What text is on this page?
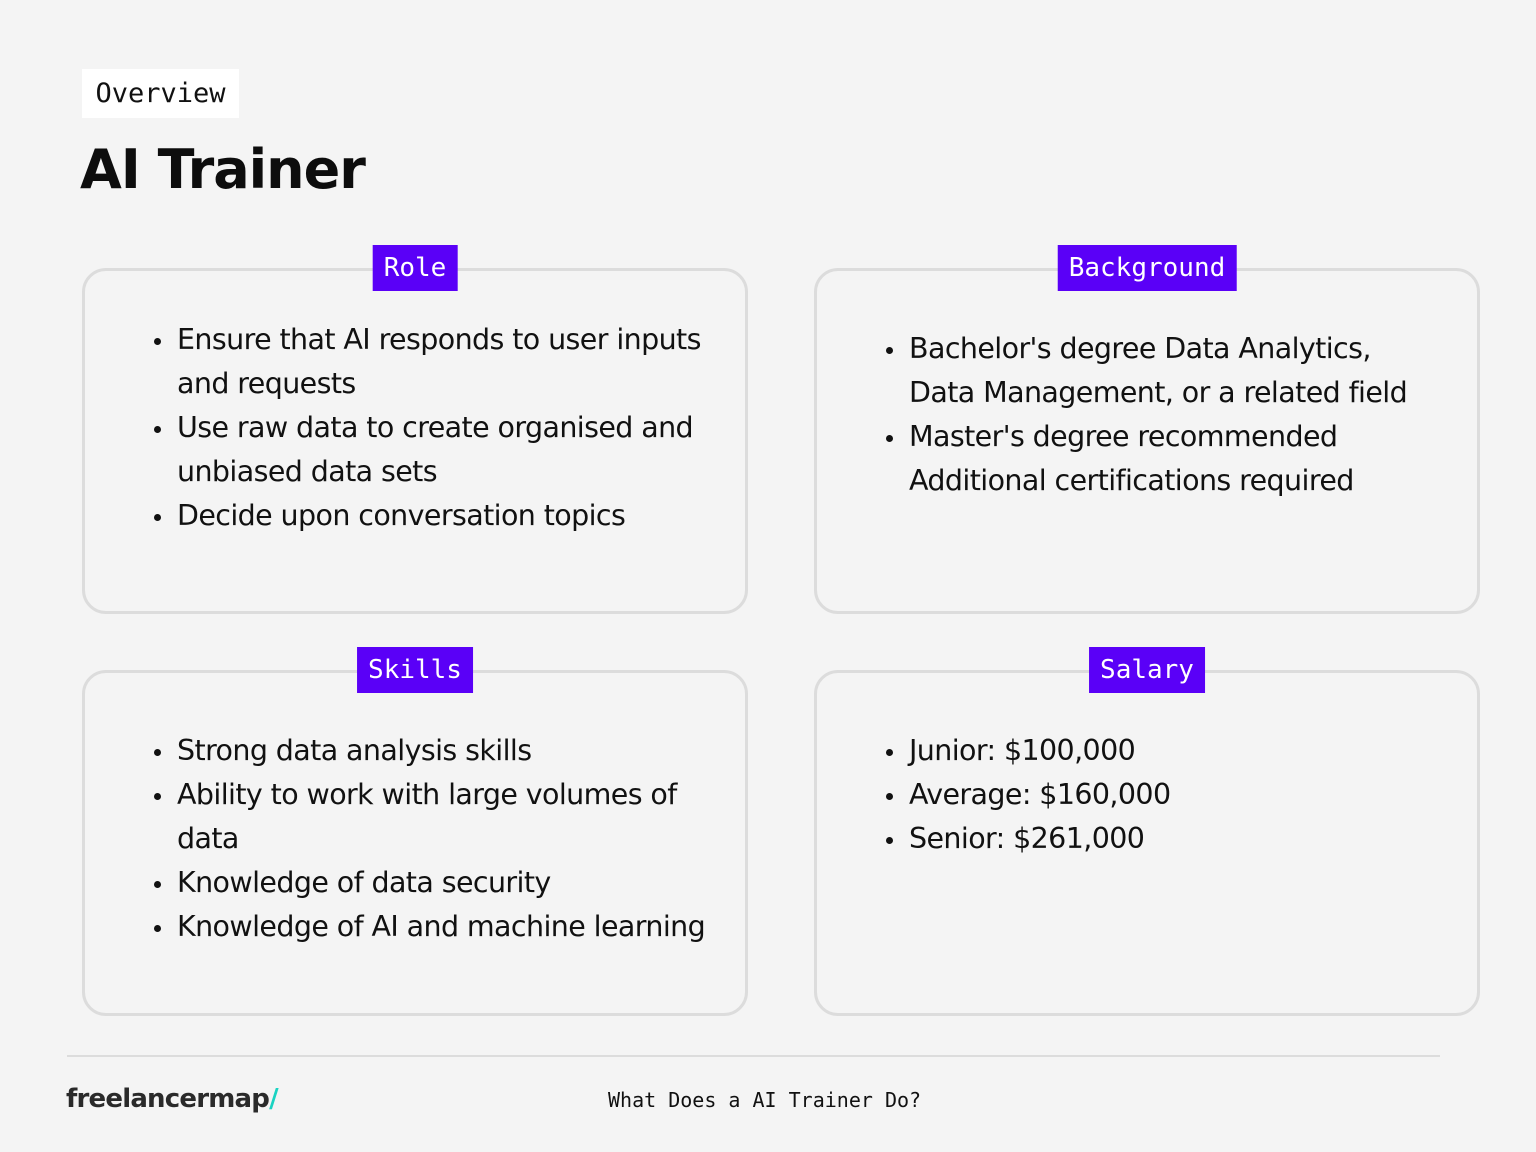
Overview
AI Trainer
Role
Ensure that AI responds to user inputs and requests
Use raw data to create organised and unbiased data sets
Decide upon conversation topics
Background
Bachelor's degree Data Analytics, Data Management, or a related field
Master's degree recommended Additional certifications required
Skills
Strong data analysis skills
Ability to work with large volumes of data
Knowledge of data security
Knowledge of AI and machine learning
Salary
Junior: $100,000
Average: $160,000
Senior: $261,000
freelancermap/	What Does a AI Trainer Do?
